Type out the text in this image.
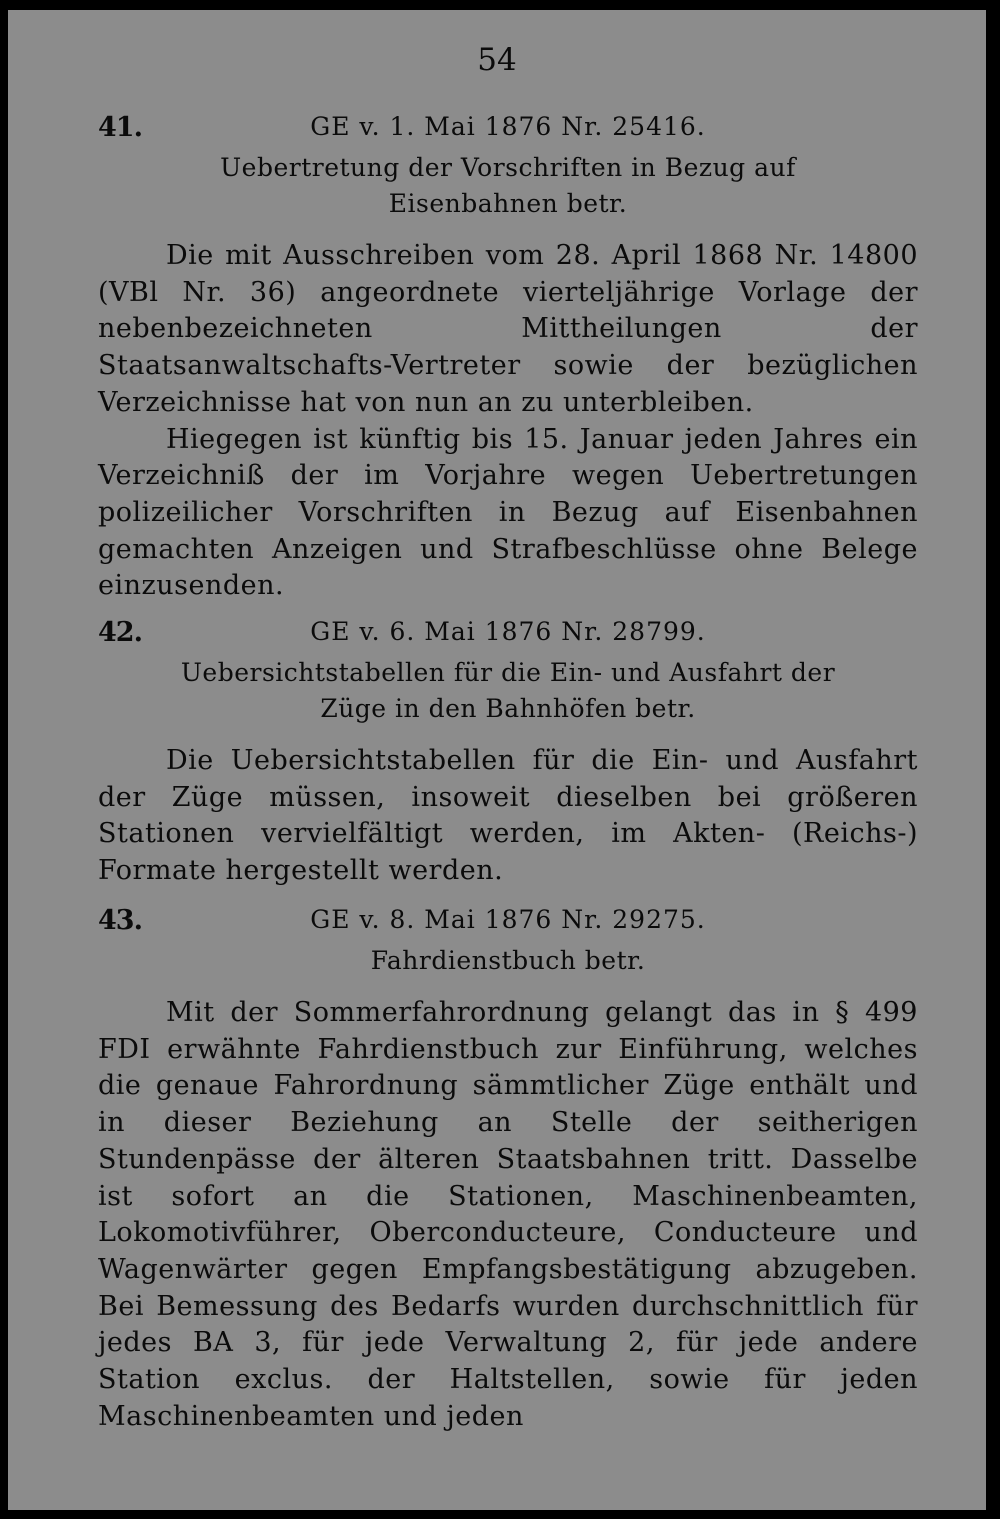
54
41.	GE v. 1. Mai 1876 Nr. 25416.
Uebertretung der Vorschriften in Bezug auf Eisenbahnen betr.

Die mit Ausschreiben vom 28. April 1868 Nr. 14800 (VBl Nr. 36) angeordnete vierteljährige Vorlage der nebenbezeichneten Mittheilungen der Staatsanwaltschafts-Vertreter sowie der bezüglichen Verzeichnisse hat von nun an zu unterbleiben.

Hiegegen ist künftig bis 15. Januar jeden Jahres ein Verzeichniß der im Vorjahre wegen Uebertretungen polizeilicher Vorschriften in Bezug auf Eisenbahnen gemachten Anzeigen und Strafbeschlüsse ohne Belege einzusenden.

42.	GE v. 6. Mai 1876 Nr. 28799.
Uebersichtstabellen für die Ein- und Ausfahrt der Züge in den Bahnhöfen betr.

Die Uebersichtstabellen für die Ein- und Ausfahrt der Züge müssen, insoweit dieselben bei größeren Stationen vervielfältigt werden, im Akten- (Reichs-) Formate hergestellt werden.

43.	GE v. 8. Mai 1876 Nr. 29275.
Fahrdienstbuch betr.

Mit der Sommerfahrordnung gelangt das in § 499 FDI erwähnte Fahrdienstbuch zur Einführung, welches die genaue Fahrordnung sämmtlicher Züge enthält und in dieser Beziehung an Stelle der seitherigen Stundenpässe der älteren Staatsbahnen tritt. Dasselbe ist sofort an die Stationen, Maschinenbeamten, Lokomotivführer, Oberconducteure, Conducteure und Wagenwärter gegen Empfangsbestätigung abzugeben. Bei Bemessung des Bedarfs wurden durchschnittlich für jedes BA 3, für jede Verwaltung 2, für jede andere Station exclus. der Haltstellen, sowie für jeden Maschinenbeamten und jeden
